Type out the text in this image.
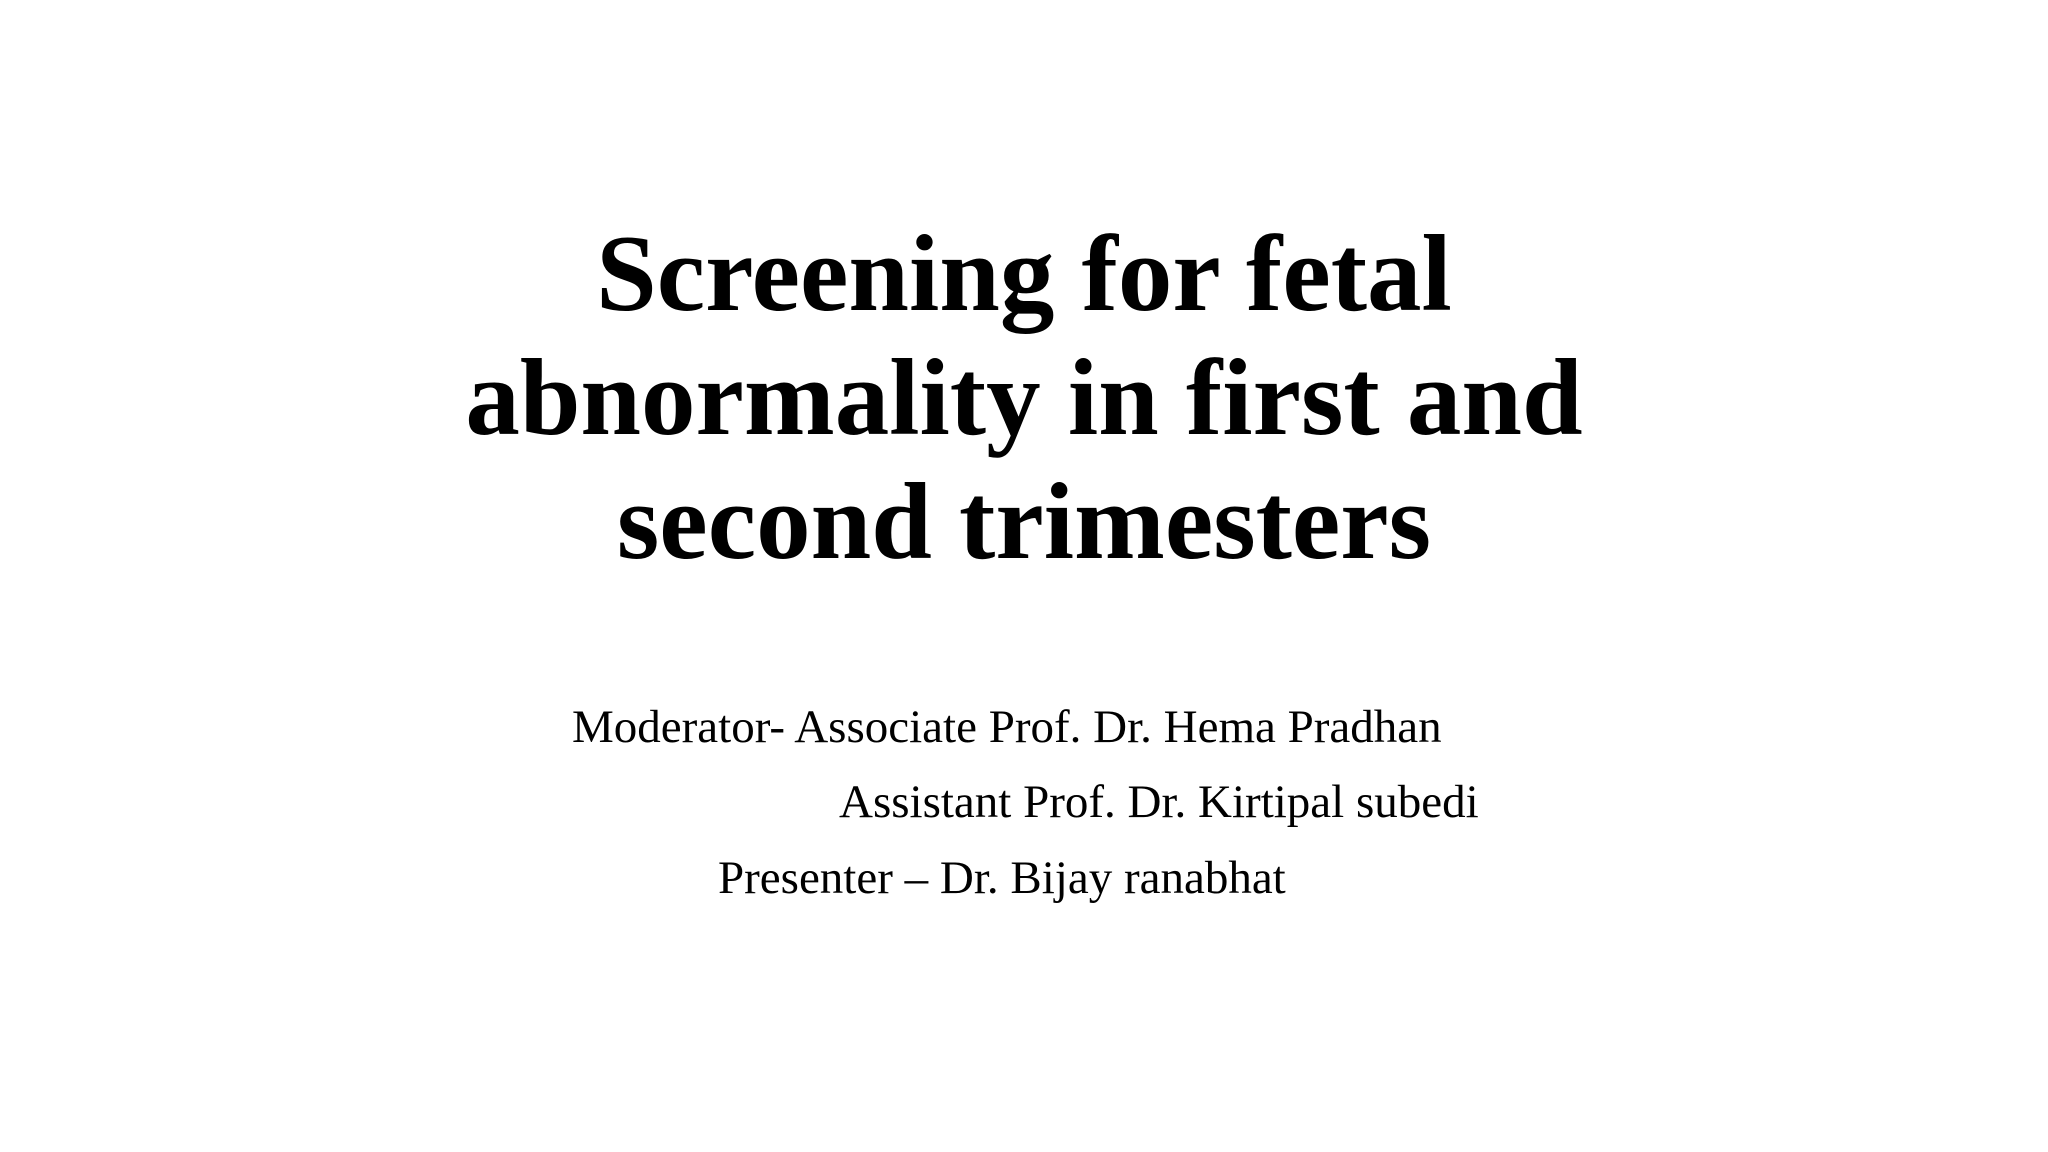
Screening for fetal
abnormality in first and
second trimesters

Moderator- Associate Prof. Dr. Hema Pradhan

Assistant Prof. Dr. Kirtipal subedi

Presenter – Dr. Bijay ranabhat
